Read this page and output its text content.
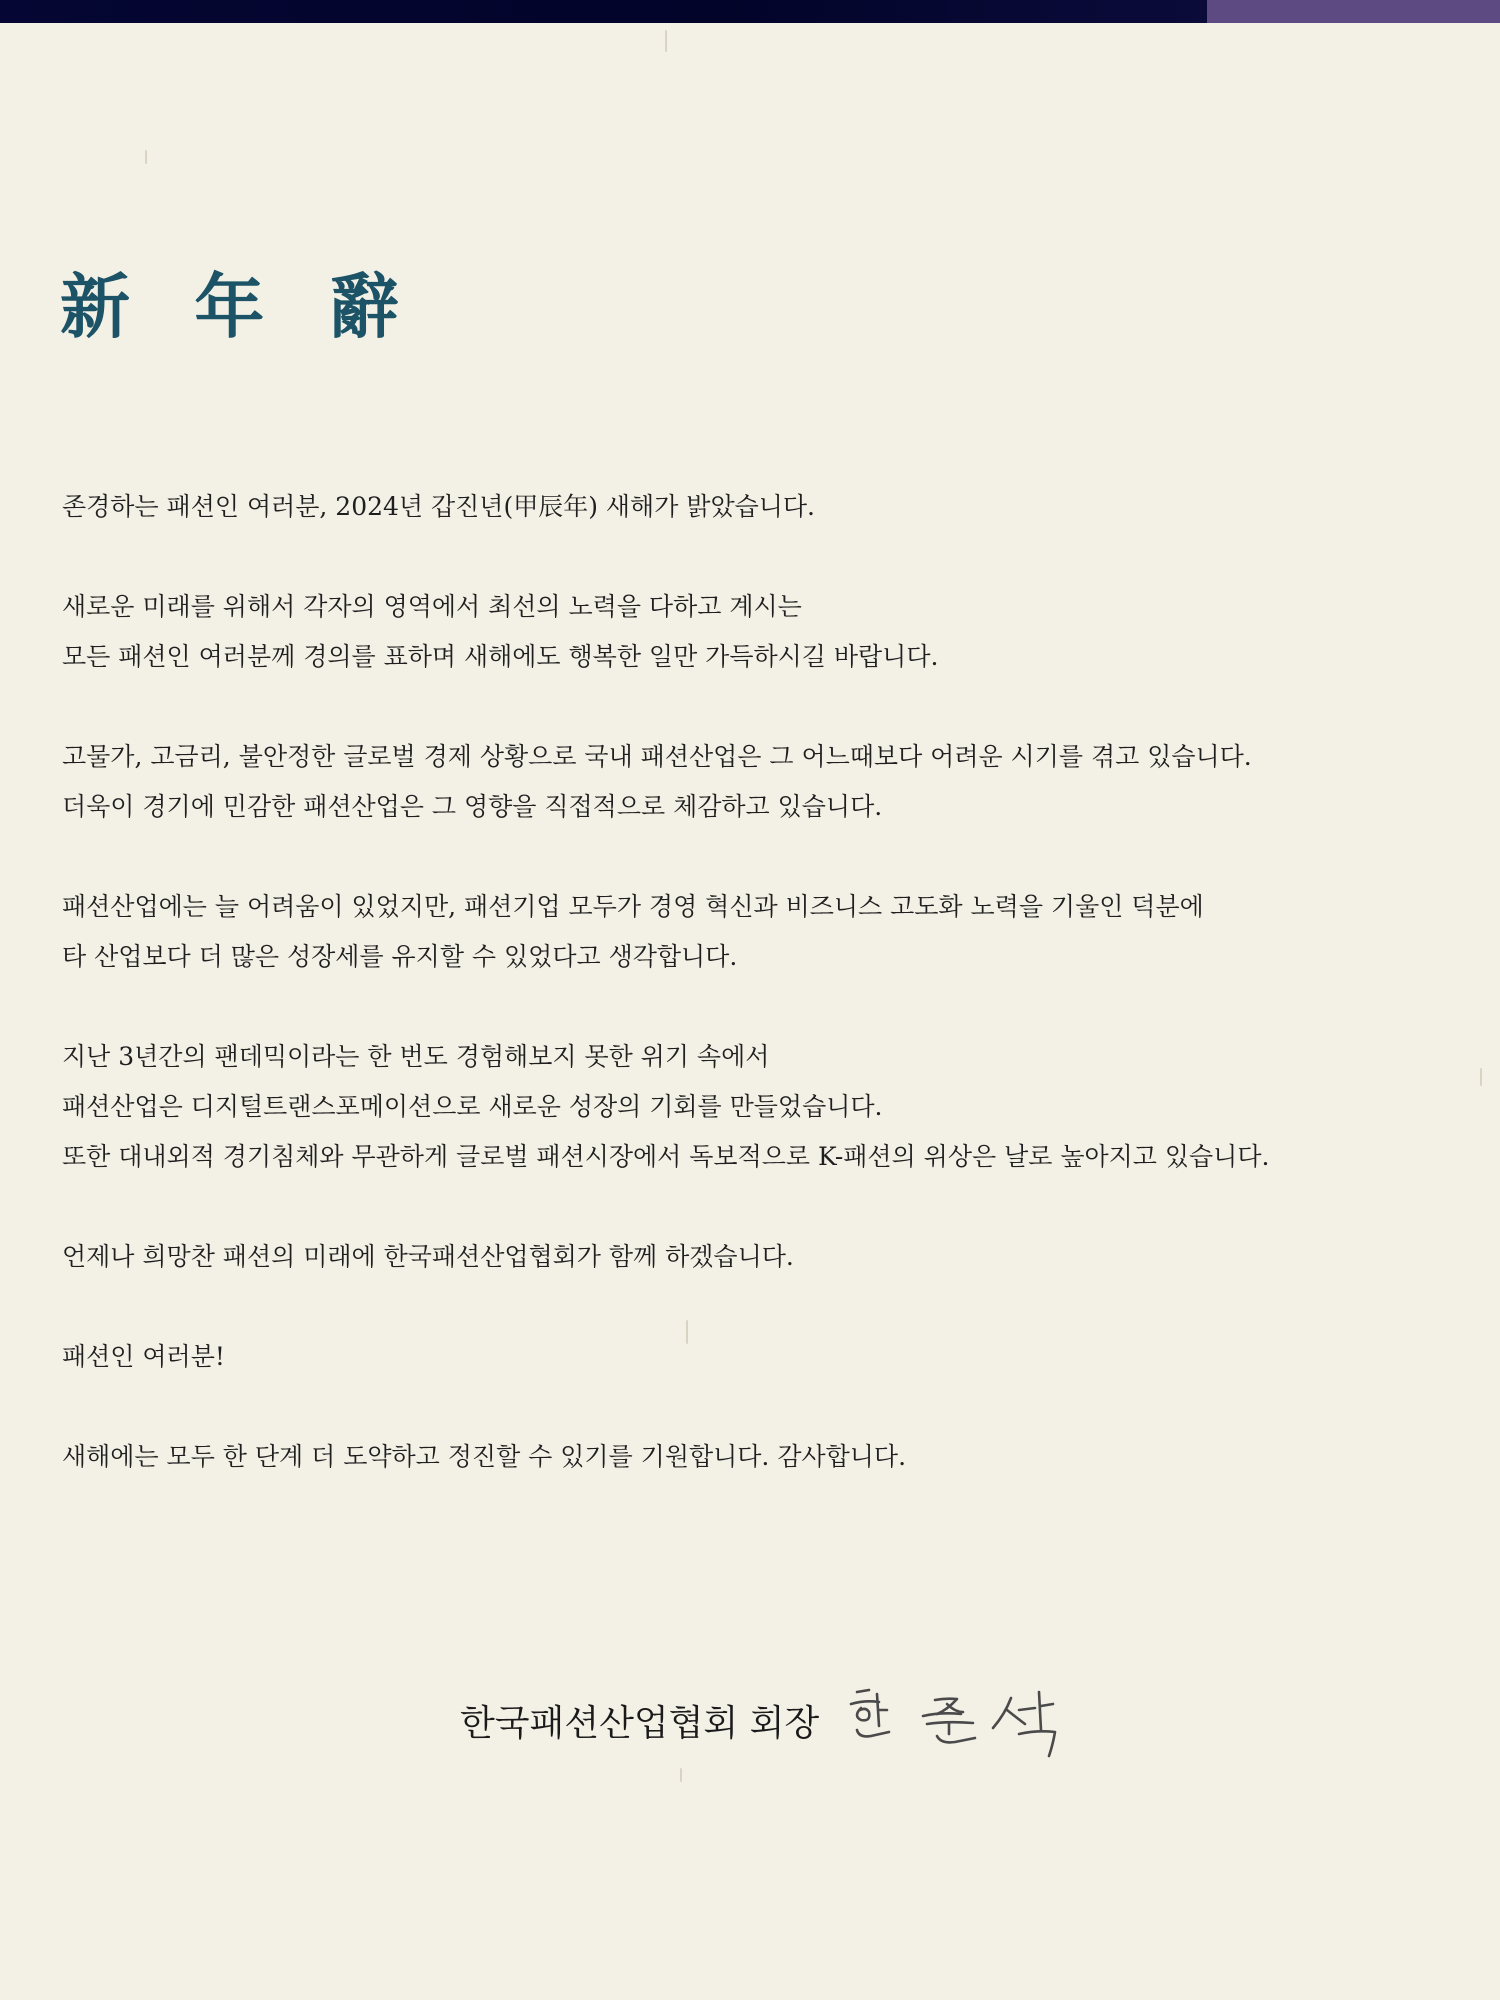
新 年 辭

존경하는 패션인 여러분, 2024년 갑진년(甲辰年) 새해가 밝았습니다.

새로운 미래를 위해서 각자의 영역에서 최선의 노력을 다하고 계시는
모든 패션인 여러분께 경의를 표하며 새해에도 행복한 일만 가득하시길 바랍니다.

고물가, 고금리, 불안정한 글로벌 경제 상황으로 국내 패션산업은 그 어느때보다 어려운 시기를 겪고 있습니다.
더욱이 경기에 민감한 패션산업은 그 영향을 직접적으로 체감하고 있습니다.

패션산업에는 늘 어려움이 있었지만, 패션기업 모두가 경영 혁신과 비즈니스 고도화 노력을 기울인 덕분에
타 산업보다 더 많은 성장세를 유지할 수 있었다고 생각합니다.

지난 3년간의 팬데믹이라는 한 번도 경험해보지 못한 위기 속에서
패션산업은 디지털트랜스포메이션으로 새로운 성장의 기회를 만들었습니다.
또한 대내외적 경기침체와 무관하게 글로벌 패션시장에서 독보적으로 K-패션의 위상은 날로 높아지고 있습니다.

언제나 희망찬 패션의 미래에 한국패션산업협회가 함께 하겠습니다.

패션인 여러분!

새해에는 모두 한 단계 더 도약하고 정진할 수 있기를 기원합니다. 감사합니다.

한국패션산업협회 회장
한준석
